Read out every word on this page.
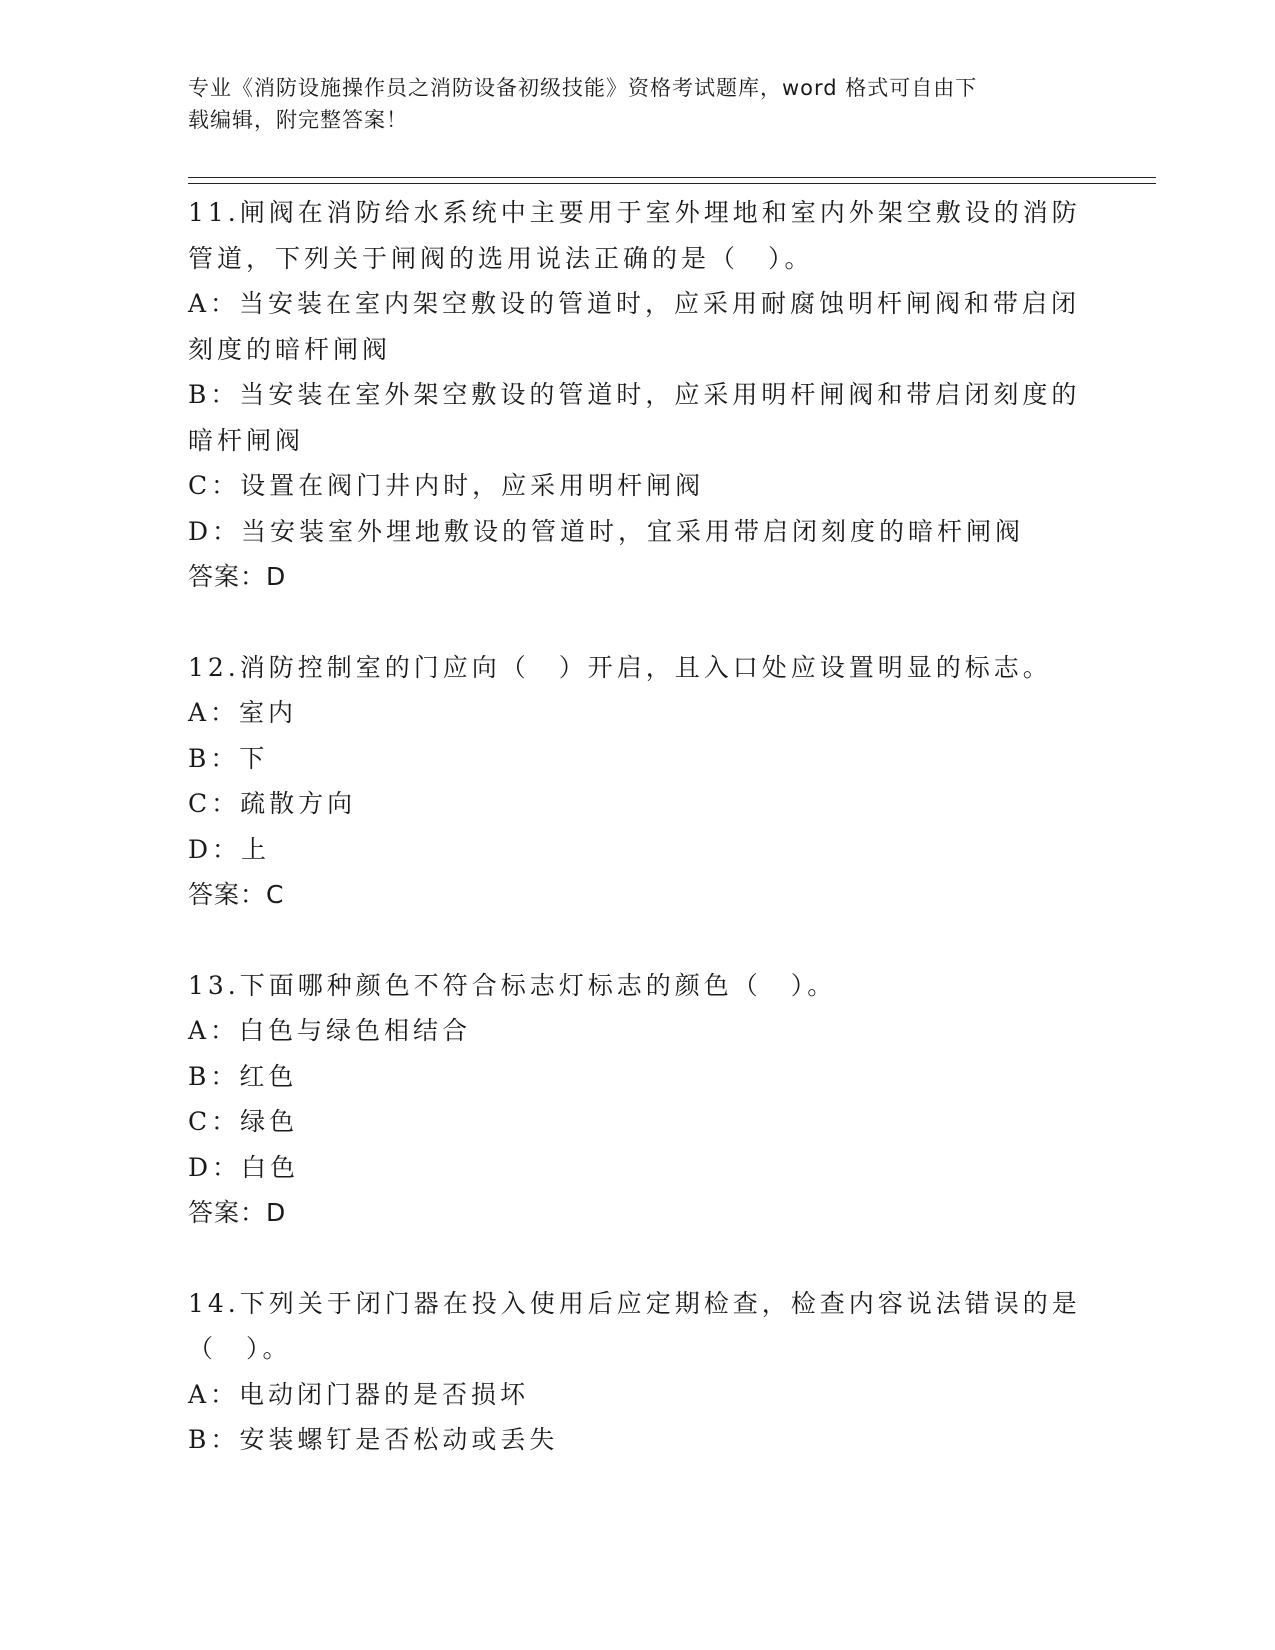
专业《消防设施操作员之消防设备初级技能》资格考试题库，word 格式可自由下
载编辑，附完整答案！
11.闸阀在消防给水系统中主要用于室外埋地和室内外架空敷设的消防
管道，下列关于闸阀的选用说法正确的是（　）。
A：当安装在室内架空敷设的管道时，应采用耐腐蚀明杆闸阀和带启闭
刻度的暗杆闸阀
B：当安装在室外架空敷设的管道时，应采用明杆闸阀和带启闭刻度的
暗杆闸阀
C：设置在阀门井内时，应采用明杆闸阀
D：当安装室外埋地敷设的管道时，宜采用带启闭刻度的暗杆闸阀
答案：D
12.消防控制室的门应向（　）开启，且入口处应设置明显的标志。
A：室内
B：下
C：疏散方向
D：上
答案：C
13.下面哪种颜色不符合标志灯标志的颜色（　）。
A：白色与绿色相结合
B：红色
C：绿色
D：白色
答案：D
14.下列关于闭门器在投入使用后应定期检查，检查内容说法错误的是
（　）。
A：电动闭门器的是否损坏
B：安装螺钉是否松动或丢失
